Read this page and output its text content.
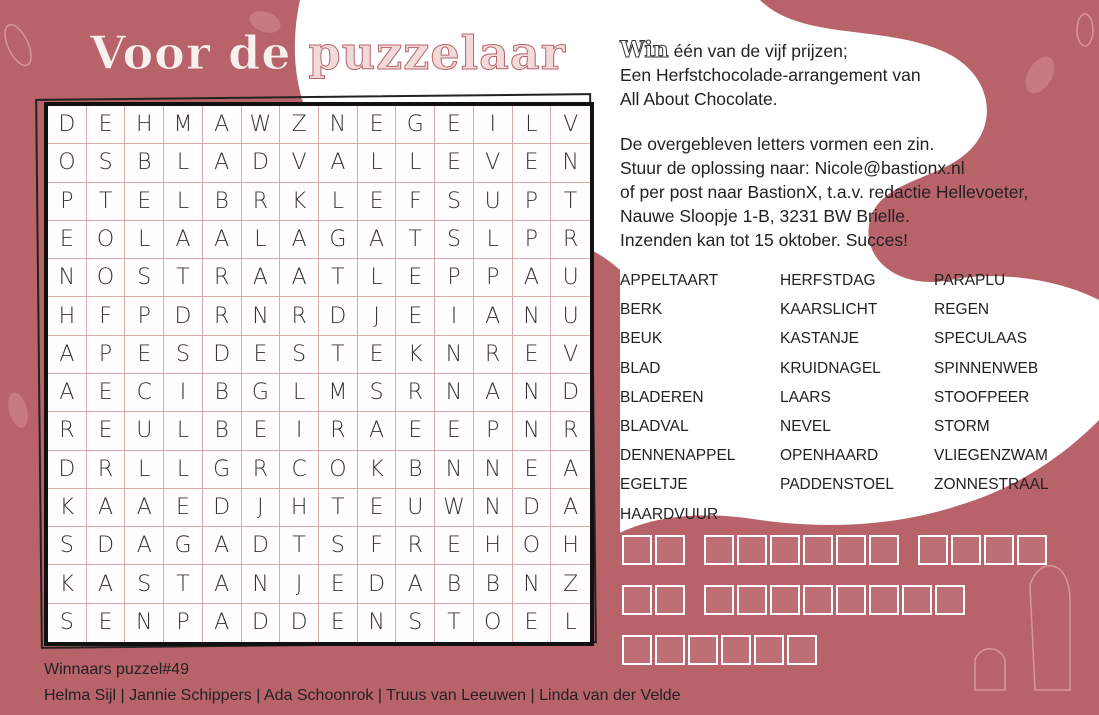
Voor de puzzelaar
D	E	H M A W Z	N	E	G	E	I	L	V
O	S	B	L	A	D	V	A	L	L	E	V	E	N
P	T	E	L	B	R	K	L	E	F	S	U	P	T
E	O	L	A	A	L	A	G	A	T	S	L	P	R
N O	S	T	R	A	A	T	L	E	P	P	A	U
H	F	P	D	R	N	R	D	J	E	I	A	N	U
A	P	E	S	D	E	S	T	E	K	N	R	E	V
A	E	C	I	B	G	L	M	S	R	N	A	N	D
R	E	U	L	B	E	I	R	A	E	E	P	N	R
D	R	L	L	G	R	C	O	K	B	N	N	E	A
K	A	A	E	D	J	H	T	E	U W N	D	A
S	D	A	G	A	D	T	S	F	R	E	H O	H
K	A	S	T	A	N	J	E	D	A	B	B	N	Z
S	E	N	P	A	D D	E	N	S	T	O	E	L
Win één van de vijf prijzen;
Een Herfstchocolade-arrangement van
All About Chocolate.
De overgebleven letters vormen een zin.
Stuur de oplossing naar: Nicole@bastionx.nl
of per post naar BastionX, t.a.v. redactie Hellevoeter,
Nauwe Sloopje 1-B, 3231 BW Brielle.
Inzenden kan tot 15 oktober. Succes!
APPELTAART
BERK
BEUK
BLAD
BLADEREN
BLADVAL
DENNENAPPEL
EGELTJE
HAARDVUUR
HERFSTDAG
KAARSLICHT
KASTANJE
KRUIDNAGEL
LAARS
NEVEL
OPENHAARD
PADDENSTOEL
PARAPLU
REGEN
SPECULAAS
SPINNENWEB
STOOFPEER
STORM
VLIEGENZWAM
ZONNESTRAAL
Winnaars puzzel#49
Helma Sijl | Jannie Schippers | Ada Schoonrok | Truus van Leeuwen | Linda van der Velde
